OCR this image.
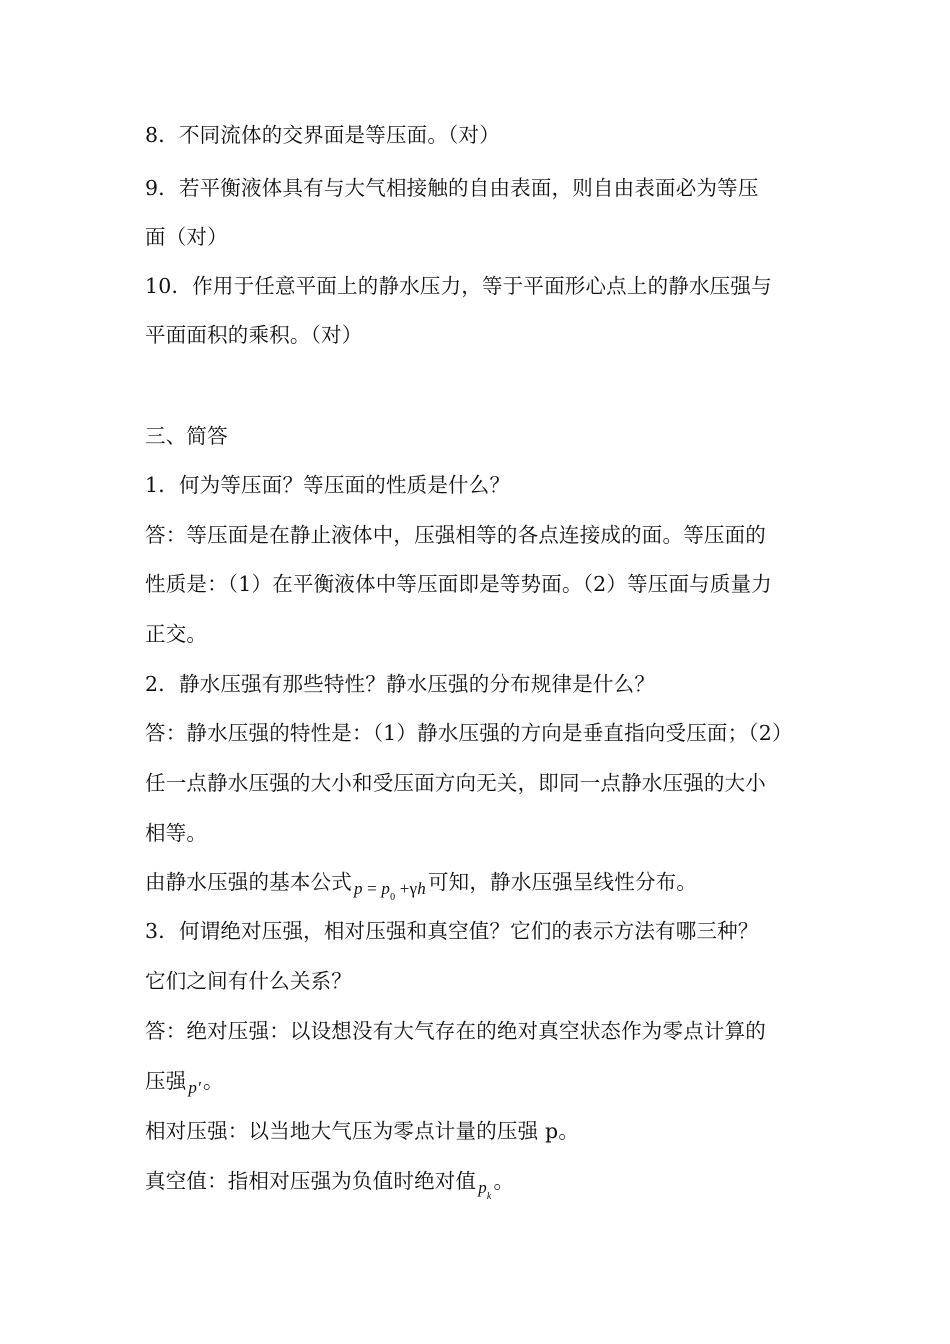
8．不同流体的交界面是等压面。（对）
9．若平衡液体具有与大气相接触的自由表面，则自由表面必为等压
面（对）
10．作用于任意平面上的静水压力，等于平面形心点上的静水压强与
平面面积的乘积。（对）
三、简答
1．何为等压面？等压面的性质是什么？
答：等压面是在静止液体中，压强相等的各点连接成的面。等压面的
性质是：（1）在平衡液体中等压面即是等势面。（2）等压面与质量力
正交。
2．静水压强有那些特性？静水压强的分布规律是什么？
答：静水压强的特性是：（1）静水压强的方向是垂直指向受压面；（2）
任一点静水压强的大小和受压面方向无关，即同一点静水压强的大小
相等。
由静水压强的基本公式 $_{p = p_0 +\gamma h}$可知，静水压强呈线性分布。
3．何谓绝对压强，相对压强和真空值？它们的表示方法有哪三种？
它们之间有什么关系？
答：绝对压强：以设想没有大气存在的绝对真空状态作为零点计算的
压强 $_{p'}$。
相对压强：以当地大气压为零点计量的压强 p。
真空值：指相对压强为负值时绝对值 $_{p_k}$。
